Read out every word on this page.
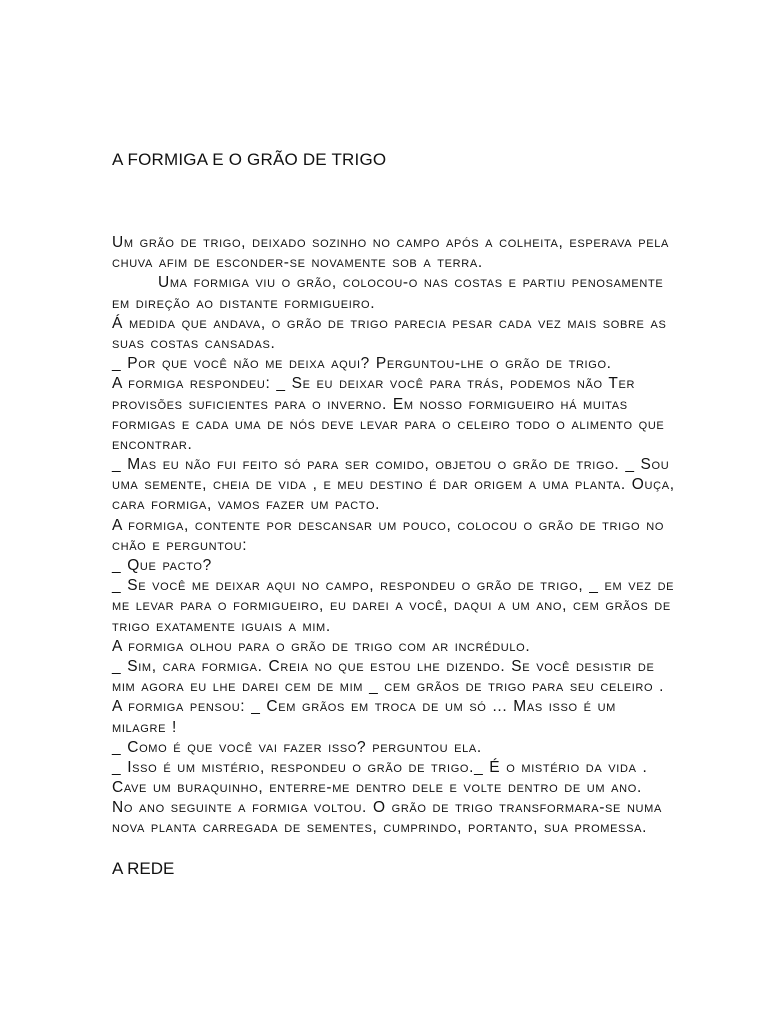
A FORMIGA E O GRÃO DE TRIGO
Um grão de trigo, deixado sozinho no campo após a colheita, esperava pela
chuva afim de esconder-se novamente sob a terra.
Uma formiga viu o grão, colocou-o nas costas e partiu penosamente
em direção ao distante formigueiro.
Á medida que andava, o grão de trigo parecia pesar cada vez mais sobre as
suas costas cansadas.
_ Por que você não me deixa aqui? Perguntou-lhe o grão de trigo.
A formiga respondeu: _ Se eu deixar você para trás, podemos não Ter
provisões suficientes para o inverno. Em nosso formigueiro há muitas
formigas e cada uma de nós deve levar para o celeiro todo o alimento que
encontrar.
_ Mas eu não fui feito só para ser comido, objetou o grão de trigo. _ Sou
uma semente, cheia de vida , e meu destino é dar origem a uma planta. Ouça,
cara formiga, vamos fazer um pacto.
A formiga, contente por descansar um pouco, colocou o grão de trigo no
chão e perguntou:
_ Que pacto?
_ Se você me deixar aqui no campo, respondeu o grão de trigo, _ em vez de
me levar para o formigueiro, eu darei a você, daqui a um ano, cem grãos de
trigo exatamente iguais a mim.
A formiga olhou para o grão de trigo com ar incrédulo.
_ Sim, cara formiga. Creia no que estou lhe dizendo. Se você desistir de
mim agora eu lhe darei cem de mim _ cem grãos de trigo para seu celeiro .
A formiga pensou: _ Cem grãos em troca de um só ... Mas isso é um
milagre !
_ Como é que você vai fazer isso? perguntou ela.
_ Isso é um mistério, respondeu o grão de trigo._ É o mistério da vida .
Cave um buraquinho, enterre-me dentro dele e volte dentro de um ano.
No ano seguinte a formiga voltou. O grão de trigo transformara-se numa
nova planta carregada de sementes, cumprindo, portanto, sua promessa.
A REDE
